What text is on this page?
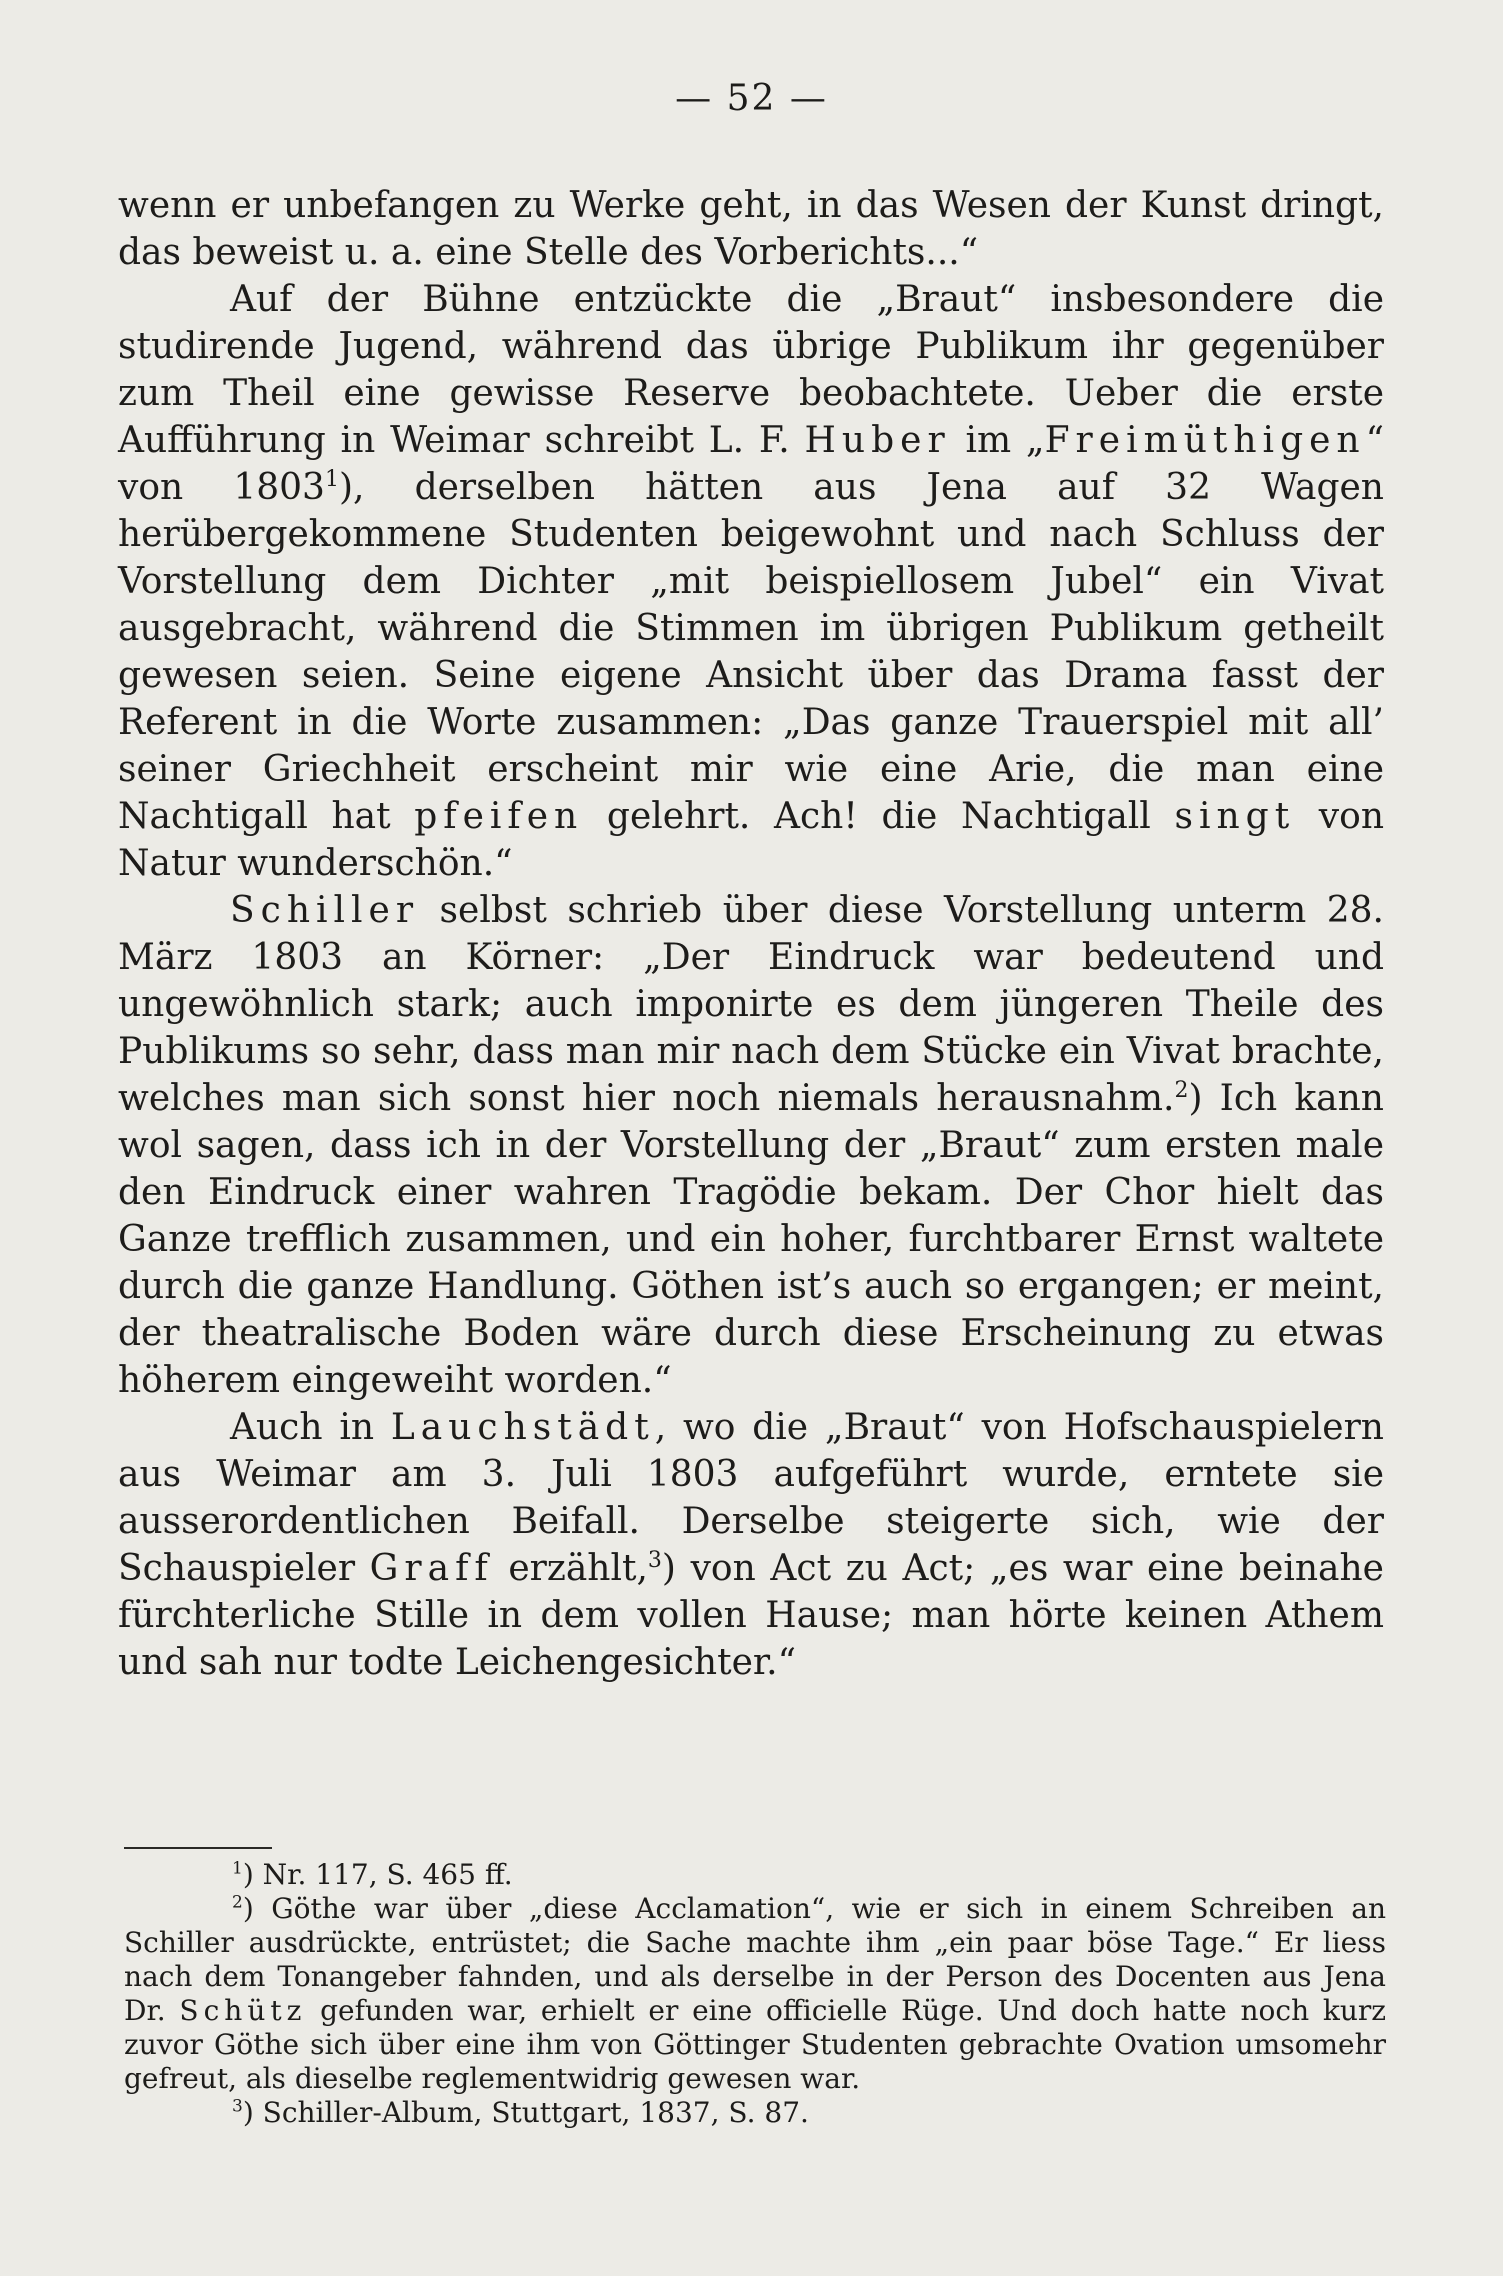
— 52 —

wenn er unbefangen zu Werke geht, in das Wesen der Kunst dringt, das beweist u. a. eine Stelle des Vorberichts...“

Auf der Bühne entzückte die „Braut“ insbesondere die studirende Jugend, während das übrige Publikum ihr gegenüber zum Theil eine gewisse Reserve beobachtete. Ueber die erste Aufführung in Weimar schreibt L. F. Huber im „Freimüthigen“ von 1803$^1$), derselben hätten aus Jena auf 32 Wagen herübergekommene Studenten beigewohnt und nach Schluss der Vorstellung dem Dichter „mit beispiellosem Jubel“ ein Vivat ausgebracht, während die Stimmen im übrigen Publikum getheilt gewesen seien. Seine eigene Ansicht über das Drama fasst der Referent in die Worte zusammen: „Das ganze Trauerspiel mit all’ seiner Griechheit erscheint mir wie eine Arie, die man eine Nachtigall hat pfeifen gelehrt. Ach! die Nachtigall singt von Natur wunderschön.“

Schiller selbst schrieb über diese Vorstellung unterm 28. März 1803 an Körner: „Der Eindruck war bedeutend und ungewöhnlich stark; auch imponirte es dem jüngeren Theile des Publikums so sehr, dass man mir nach dem Stücke ein Vivat brachte, welches man sich sonst hier noch niemals herausnahm.$^2$) Ich kann wol sagen, dass ich in der Vorstellung der „Braut“ zum ersten male den Eindruck einer wahren Tragödie bekam. Der Chor hielt das Ganze trefflich zusammen, und ein hoher, furchtbarer Ernst waltete durch die ganze Handlung. Göthen ist’s auch so ergangen; er meint, der theatralische Boden wäre durch diese Erscheinung zu etwas höherem eingeweiht worden.“

Auch in Lauchstädt, wo die „Braut“ von Hofschauspielern aus Weimar am 3. Juli 1803 aufgeführt wurde, erntete sie ausserordentlichen Beifall. Derselbe steigerte sich, wie der Schauspieler Graff erzählt,$^3$) von Act zu Act; „es war eine beinahe fürchterliche Stille in dem vollen Hause; man hörte keinen Athem und sah nur todte Leichengesichter.“

$^1$) Nr. 117, S. 465 ff.

$^2$) Göthe war über „diese Acclamation“, wie er sich in einem Schreiben an Schiller ausdrückte, entrüstet; die Sache machte ihm „ein paar böse Tage.“ Er liess nach dem Tonangeber fahnden, und als derselbe in der Person des Docenten aus Jena Dr. Schütz gefunden war, erhielt er eine officielle Rüge. Und doch hatte noch kurz zuvor Göthe sich über eine ihm von Göttinger Studenten gebrachte Ovation umsomehr gefreut, als dieselbe reglementwidrig gewesen war.

$^3$) Schiller-Album, Stuttgart, 1837, S. 87.
